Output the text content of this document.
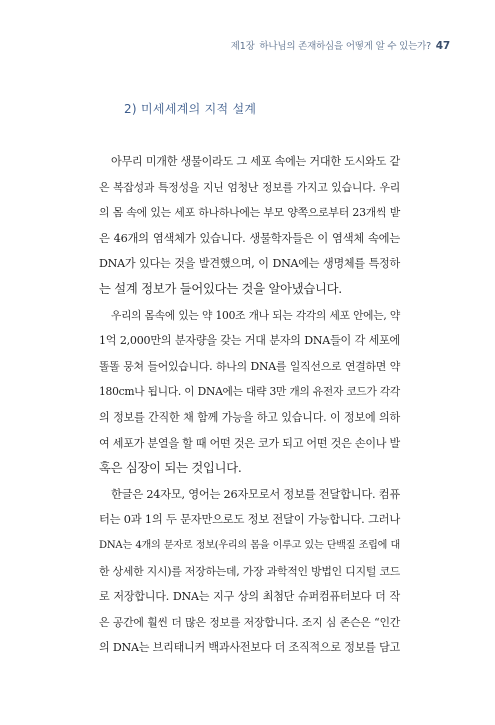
제1장 하나님의 존재하심을 어떻게 알 수 있는가? 47
2) 미세세계의 지적 설계
아무리 미개한 생물이라도 그 세포 속에는 거대한 도시와도 같
은 복잡성과 특정성을 지닌 엄청난 정보를 가지고 있습니다. 우리
의 몸 속에 있는 세포 하나하나에는 부모 양쪽으로부터 23개씩 받
은 46개의 염색체가 있습니다. 생물학자들은 이 염색체 속에는
DNA가 있다는 것을 발견했으며, 이 DNA에는 생명체를 특정하
는 설계 정보가 들어있다는 것을 알아냈습니다.
우리의 몸속에 있는 약 100조 개나 되는 각각의 세포 안에는, 약
1억 2,000만의 분자량을 갖는 거대 분자의 DNA들이 각 세포에
똘똘 뭉쳐 들어있습니다. 하나의 DNA를 일직선으로 연결하면 약
180cm나 됩니다. 이 DNA에는 대략 3만 개의 유전자 코드가 각각
의 정보를 간직한 채 함께 가능을 하고 있습니다. 이 정보에 의하
여 세포가 분열을 할 때 어떤 것은 코가 되고 어떤 것은 손이나 발
혹은 심장이 되는 것입니다.
한글은 24자모, 영어는 26자모로서 정보를 전달합니다. 컴퓨
터는 0과 1의 두 문자만으로도 정보 전달이 가능합니다. 그러나
DNA는 4개의 문자로 정보(우리의 몸을 이루고 있는 단백질 조립에 대
한 상세한 지시)를 저장하는데, 가장 과학적인 방법인 디지털 코드
로 저장합니다. DNA는 지구 상의 최첨단 슈퍼컴퓨터보다 더 작
은 공간에 훨씬 더 많은 정보를 저장합니다. 조지 심 존슨은 “인간
의 DNA는 브리태니커 백과사전보다 더 조직적으로 정보를 담고
